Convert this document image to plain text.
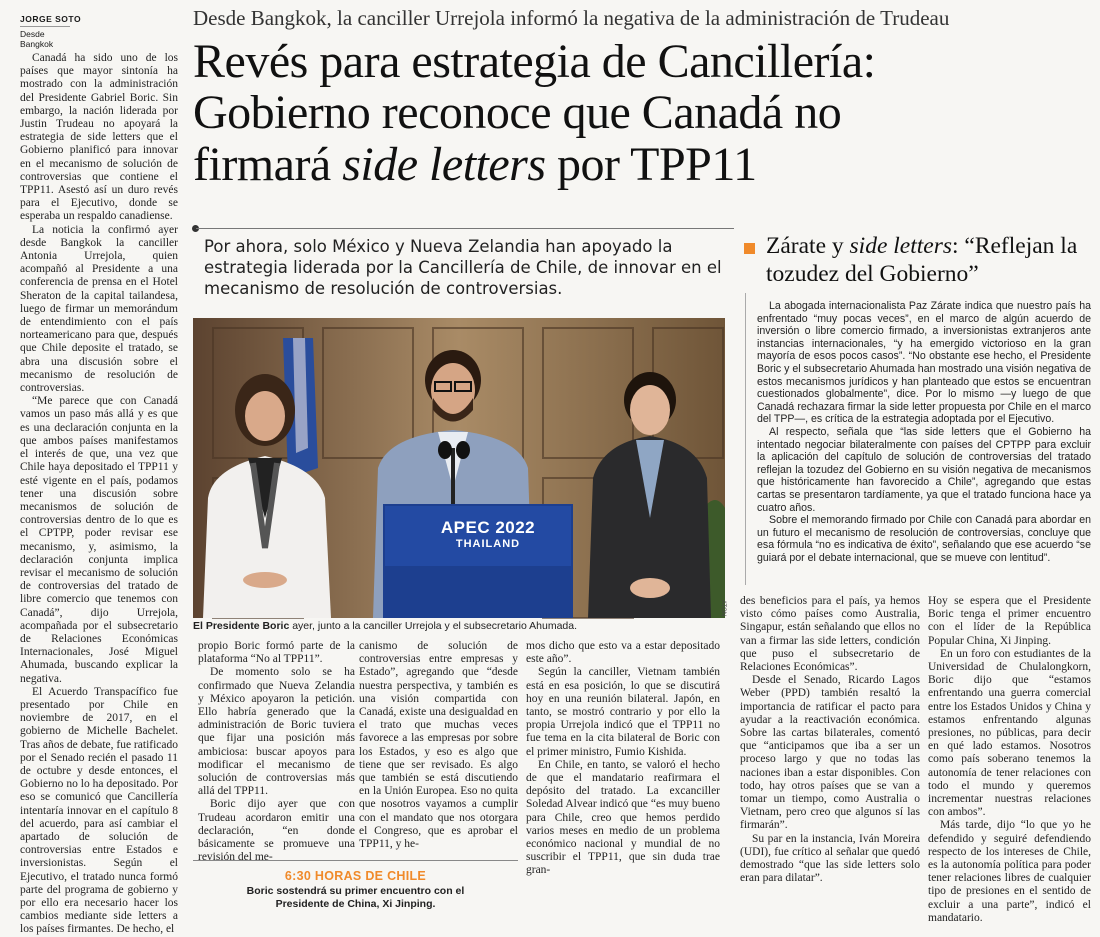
JORGE SOTO
Desde Bangkok
Desde Bangkok, la canciller Urrejola informó la negativa de la administración de Trudeau
Revés para estrategia de Cancillería:
Gobierno reconoce que Canadá no
firmará side letters por TPP11

Canadá ha sido uno de los países que mayor sintonía ha mostrado con la administración del Presidente Gabriel Boric. Sin embargo, la nación liderada por Justin Trudeau no apoyará la estrategia de side letters que el Gobierno planificó para innovar en el mecanismo de solución de controversias que contiene el TPP11. Asestó así un duro revés para el Ejecutivo, donde se esperaba un respaldo canadiense.

La noticia la confirmó ayer desde Bangkok la canciller Antonia Urrejola, quien acompañó al Presidente a una conferencia de prensa en el Hotel Sheraton de la capital tailandesa, luego de firmar un memorándum de entendimiento con el país norteamericano para que, después que Chile deposite el tratado, se abra una discusión sobre el mecanismo de resolución de controversias.

“Me parece que con Canadá vamos un paso más allá y es que es una declaración conjunta en la que ambos países manifestamos el interés de que, una vez que Chile haya depositado el TPP11 y esté vigente en el país, podamos tener una discusión sobre mecanismos de solución de controversias dentro de lo que es el CPTPP, poder revisar ese mecanismo, y, asimismo, la declaración conjunta implica revisar el mecanismo de solución de controversias del tratado de libre comercio que tenemos con Canadá”, dijo Urrejola, acompañada por el subsecretario de Relaciones Económicas Internacionales, José Miguel Ahumada, buscando explicar la negativa.

El Acuerdo Transpacífico fue presentado por Chile en noviembre de 2017, en el gobierno de Michelle Bachelet. Tras años de debate, fue ratificado por el Senado recién el pasado 11 de octubre y desde entonces, el Gobierno no lo ha depositado. Por eso se comunicó que Cancillería intentaría innovar en el capítulo 8 del acuerdo, para así cambiar el apartado de solución de controversias entre Estados e inversionistas. Según el Ejecutivo, el tratado nunca formó parte del programa de gobierno y por ello era necesario hacer los cambios mediante side letters a los países firmantes. De hecho, el

Por ahora, solo México y Nueva Zelandia han apoyado la estrategia liderada por la Cancillería de Chile, de innovar en el mecanismo de resolución de controversias.
APEC 2022
THAILAND
ATON
El Presidente Boric ayer, junto a la canciller Urrejola y el subsecretario Ahumada.
Zárate y side letters: “Reflejan la tozudez del Gobierno”

La abogada internacionalista Paz Zárate indica que nuestro país ha enfrentado “muy pocas veces”, en el marco de algún acuerdo de inversión o libre comercio firmado, a inversionistas extranjeros ante instancias internacionales, “y ha emergido victorioso en la gran mayoría de esos pocos casos”. “No obstante ese hecho, el Presidente Boric y el subsecretario Ahumada han mostrado una visión negativa de estos mecanismos jurídicos y han planteado que estos se encuentran cuestionados globalmente”, dice. Por lo mismo —y luego de que Canadá rechazara firmar la side letter propuesta por Chile en el marco del TPP—, es crítica de la estrategia adoptada por el Ejecutivo.

Al respecto, señala que “las side letters que el Gobierno ha intentado negociar bilateralmente con países del CPTPP para excluir la aplicación del capítulo de solución de controversias del tratado reflejan la tozudez del Gobierno en su visión negativa de mecanismos que históricamente han favorecido a Chile”, agregando que estas cartas se presentaron tardíamente, ya que el tratado funciona hace ya cuatro años.

Sobre el memorando firmado por Chile con Canadá para abordar en un futuro el mecanismo de resolución de controversias, concluye que esa fórmula “no es indicativa de éxito”, señalando que ese acuerdo “se guiará por el debate internacional, que se mueve con lentitud”.

propio Boric formó parte de la plataforma “No al TPP11”.

De momento solo se ha confirmado que Nueva Zelandia y México apoyaron la petición. Ello habría generado que la administración de Boric tuviera que fijar una posición más ambiciosa: buscar apoyos para modificar el mecanismo de solución de controversias más allá del TPP11.

Boric dijo ayer que con Trudeau acordaron emitir una declaración, “en donde básicamente se promueve una revisión del me-

canismo de solución de controversias entre empresas y Estado”, agregando que “desde nuestra perspectiva, y también es una visión compartida con Canadá, existe una desigualdad en el trato que muchas veces favorece a las empresas por sobre los Estados, y eso es algo que tiene que ser revisado. Es algo que también se está discutiendo en la Unión Europea. Eso no quita que nosotros vayamos a cumplir con el mandato que nos otorgara el Congreso, que es aprobar el TPP11, y he-

mos dicho que esto va a estar depositado este año”.

Según la canciller, Vietnam también está en esa posición, lo que se discutirá hoy en una reunión bilateral. Japón, en tanto, se mostró contrario y por ello la propia Urrejola indicó que el TPP11 no fue tema en la cita bilateral de Boric con el primer ministro, Fumio Kishida.

En Chile, en tanto, se valoró el hecho de que el mandatario reafirmara el depósito del tratado. La excanciller Soledad Alvear indicó que “es muy bueno para Chile, creo que hemos perdido varios meses en medio de un problema económico nacional y mundial de no suscribir el TPP11, que sin duda trae gran-

des beneficios para el país, ya hemos visto cómo países como Australia, Singapur, están señalando que ellos no van a firmar las side letters, condición que puso el subsecretario de Relaciones Económicas”.

Desde el Senado, Ricardo Lagos Weber (PPD) también resaltó la importancia de ratificar el pacto para ayudar a la reactivación económica. Sobre las cartas bilaterales, comentó que “anticipamos que iba a ser un proceso largo y que no todas las naciones iban a estar disponibles. Con todo, hay otros países que se van a tomar un tiempo, como Australia o Vietnam, pero creo que algunos sí las firmarán”.

Su par en la instancia, Iván Moreira (UDI), fue crítico al señalar que quedó demostrado “que las side letters solo eran para dilatar”.

Hoy se espera que el Presidente Boric tenga el primer encuentro con el líder de la República Popular China, Xi Jinping.

En un foro con estudiantes de la Universidad de Chulalongkorn, Boric dijo que “estamos enfrentando una guerra comercial entre los Estados Unidos y China y estamos enfrentando algunas presiones, no públicas, para decir en qué lado estamos. Nosotros como país soberano tenemos la autonomía de tener relaciones con todo el mundo y queremos incrementar nuestras relaciones con ambos”.

Más tarde, dijo “lo que yo he defendido y seguiré defendiendo respecto de los intereses de Chile, es la autonomía política para poder tener relaciones libres de cualquier tipo de presiones en el sentido de excluir a una parte”, indicó el mandatario.

6:30 HORAS DE CHILE
Boric sostendrá su primer encuentro con el Presidente de China, Xi Jinping.
